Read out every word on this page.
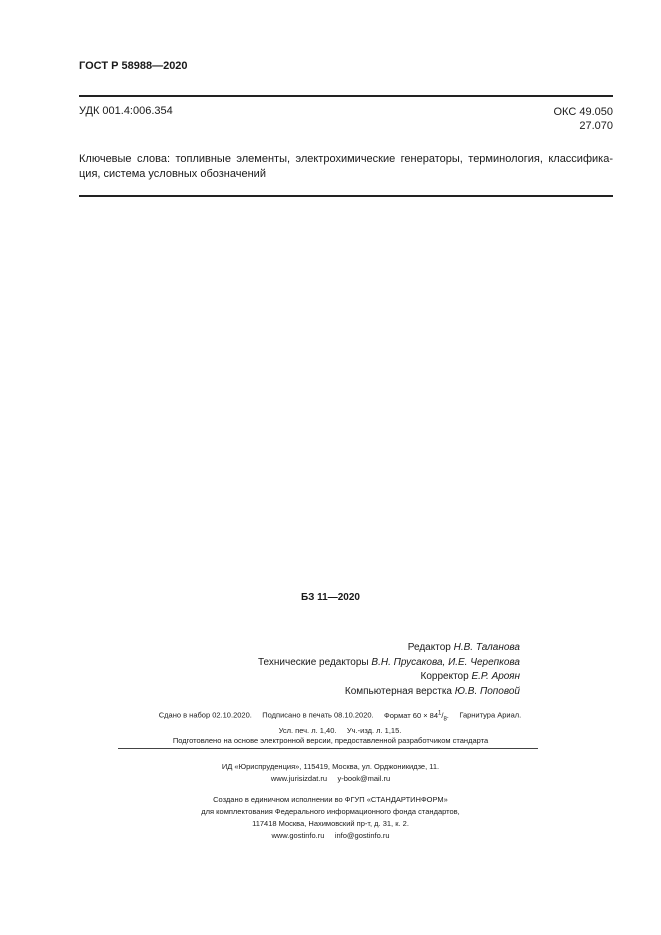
ГОСТ Р 58988—2020
УДК 001.4:006.354	ОКС 49.050
27.070
Ключевые слова: топливные элементы, электрохимические генераторы, терминология, классифика-ция, система условных обозначений
БЗ 11—2020
Редактор Н.В. Таланова
Технические редакторы В.Н. Прусакова, И.Е. Черепкова
Корректор Е.Р. Ароян
Компьютерная верстка Ю.В. Поповой
Сдано в набор 02.10.2020. Подписано в печать 08.10.2020. Формат $60 \times 84^1/_8$. Гарнитура Ариал.
Усл. печ. л. 1,40. Уч.-изд. л. 1,15.
Подготовлено на основе электронной версии, предоставленной разработчиком стандарта
ИД «Юриспруденция», 115419, Москва, ул. Орджоникидзе, 11.
www.jurisizdat.ru y-book@mail.ru
Создано в единичном исполнении во ФГУП «СТАНДАРТИНФОРМ»
для комплектования Федерального информационного фонда стандартов,
117418 Москва, Нахимовский пр-т, д. 31, к. 2.
www.gostinfo.ru info@gostinfo.ru
